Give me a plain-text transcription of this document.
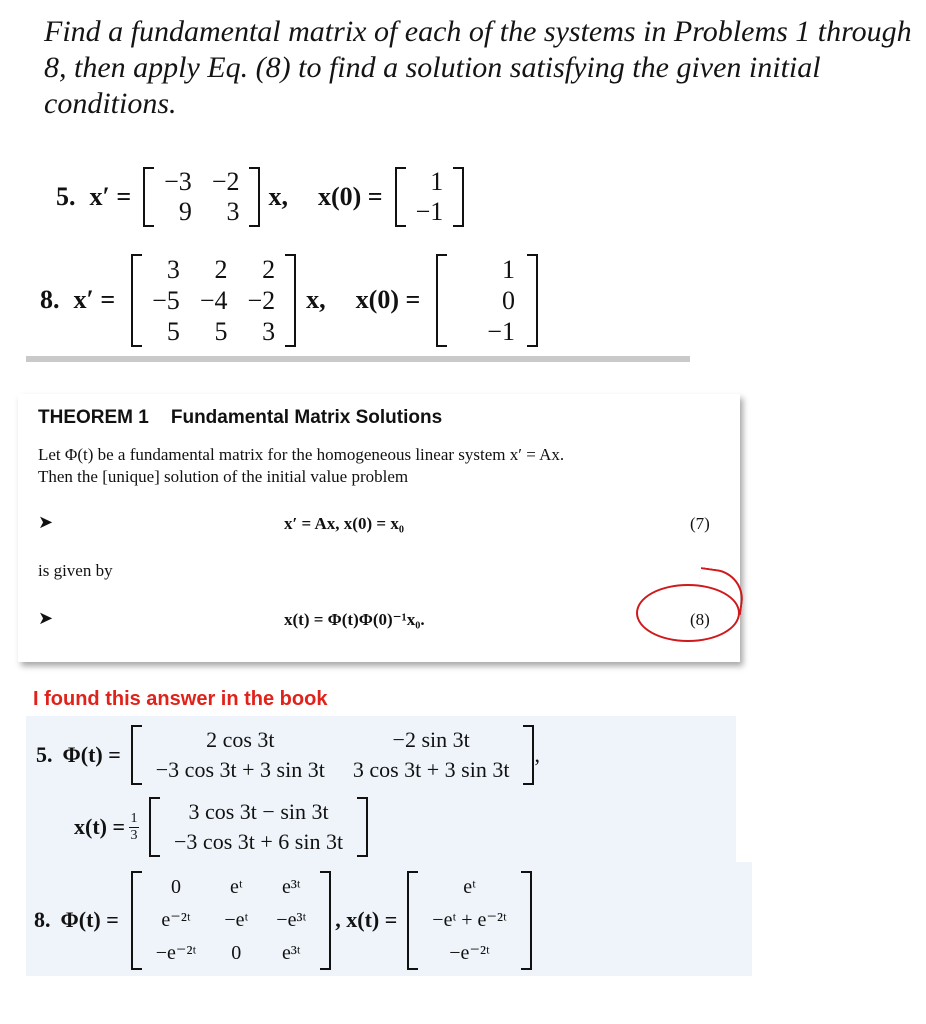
Find a fundamental matrix of each of the systems in Problems 1 through 8, then apply Eq. (8) to find a solution satisfying the given initial conditions.
5. x′ =
−3 −2
9	3
x, x(0) =
1
−1
8. x′ =
3	2	2
−5 −4 −2
5	5	3
x, x(0) =
1
0
−1
THEOREM 1 Fundamental Matrix Solutions
Let Φ(t) be a fundamental matrix for the homogeneous linear system x′ = Ax.
Then the [unique] solution of the initial value problem
➤	x′ = Ax, x(0) = x₀	(7)
is given by
➤	x(t) = Φ(t)Φ(0)⁻¹x₀.	(8)
I found this answer in the book
5. Φ(t) =
2 cos 3t	−2 sin 3t
−3 cos 3t + 3 sin 3t	3 cos 3t + 3 sin 3t
,
$x(t) = \frac{1}{3}$	3 cos 3t − sin 3t
−3 cos 3t + 6 sin 3t
8. Φ(t) =
0	eᵗ	e³ᵗ
e⁻²ᵗ	−eᵗ	−e³ᵗ
−e⁻²ᵗ	0	e³ᵗ
, x(t) =
eᵗ
−eᵗ + e⁻²ᵗ
−e⁻²ᵗ
